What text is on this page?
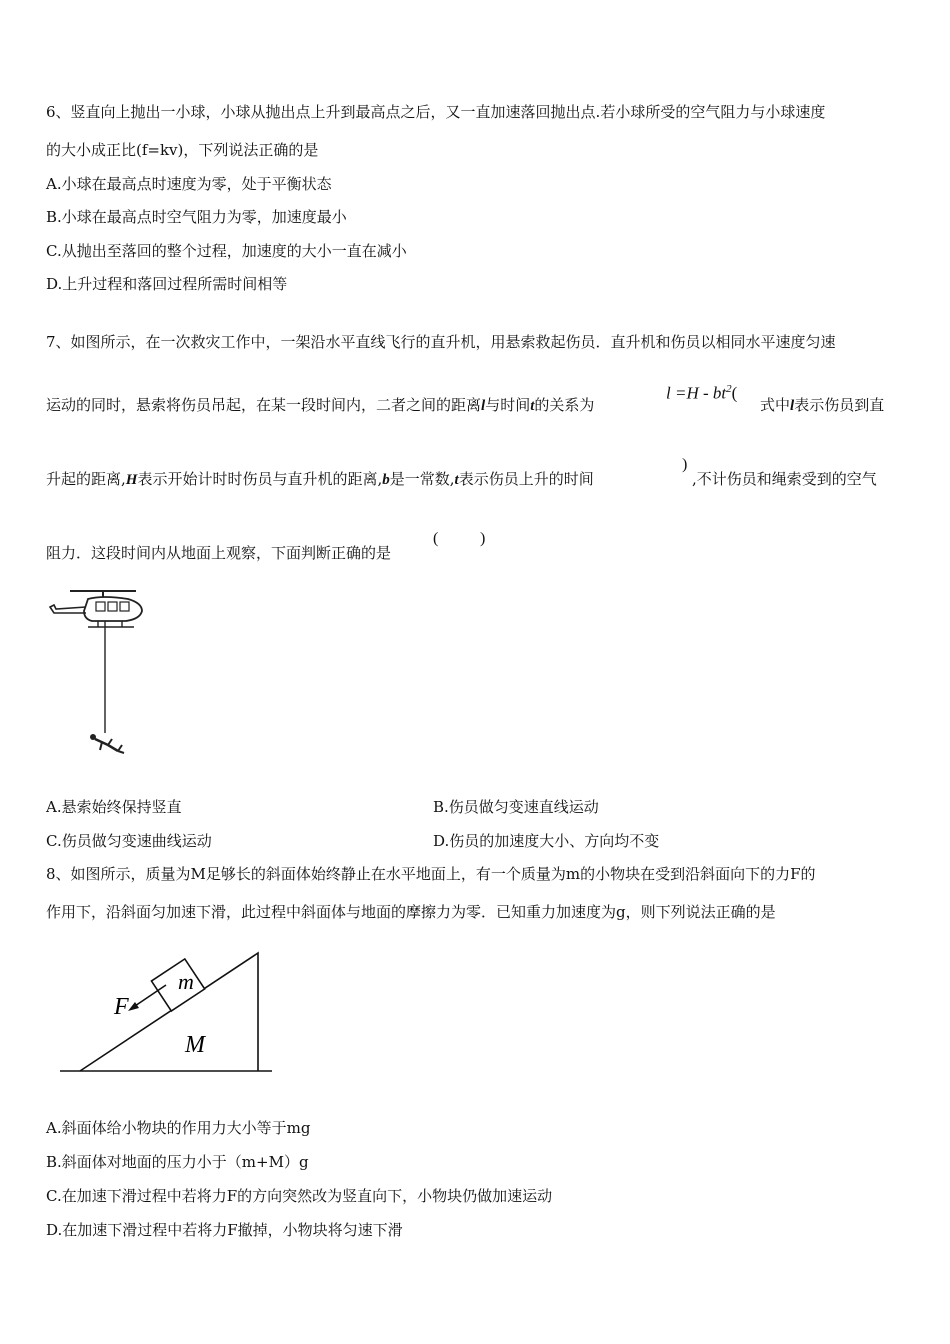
6、竖直向上抛出一小球，小球从抛出点上升到最高点之后，又一直加速落回抛出点.若小球所受的空气阻力与小球速度
的大小成正比(f=kv)，下列说法正确的是
A.小球在最高点时速度为零，处于平衡状态
B.小球在最高点时空气阻力为零，加速度最小
C.从抛出至落回的整个过程，加速度的大小一直在减小
D.上升过程和落回过程所需时间相等
7、如图所示，在一次救灾工作中，一架沿水平直线飞行的直升机，用悬索救起伤员．直升机和伤员以相同水平速度匀速
运动的同时，悬索将伤员吊起，在某一段时间内，二者之间的距离l与时间t的关系为
$l =H - bt^2$(
式中l表示伤员到直
升起的距离,H表示开始计时时伤员与直升机的距离,b是一常数,t表示伤员上升的时间
)
,不计伤员和绳索受到的空气
阻力．这段时间内从地面上观察，下面判断正确的是
(	)
A.悬索始终保持竖直	B.伤员做匀变速直线运动
C.伤员做匀变速曲线运动	D.伤员的加速度大小、方向均不变
8、如图所示，质量为M足够长的斜面体始终静止在水平地面上，有一个质量为m的小物块在受到沿斜面向下的力F的
作用下，沿斜面匀加速下滑，此过程中斜面体与地面的摩擦力为零．已知重力加速度为g，则下列说法正确的是
m
F
M
A.斜面体给小物块的作用力大小等于mg
B.斜面体对地面的压力小于（m+M）g
C.在加速下滑过程中若将力F的方向突然改为竖直向下，小物块仍做加速运动
D.在加速下滑过程中若将力F撤掉，小物块将匀速下滑
